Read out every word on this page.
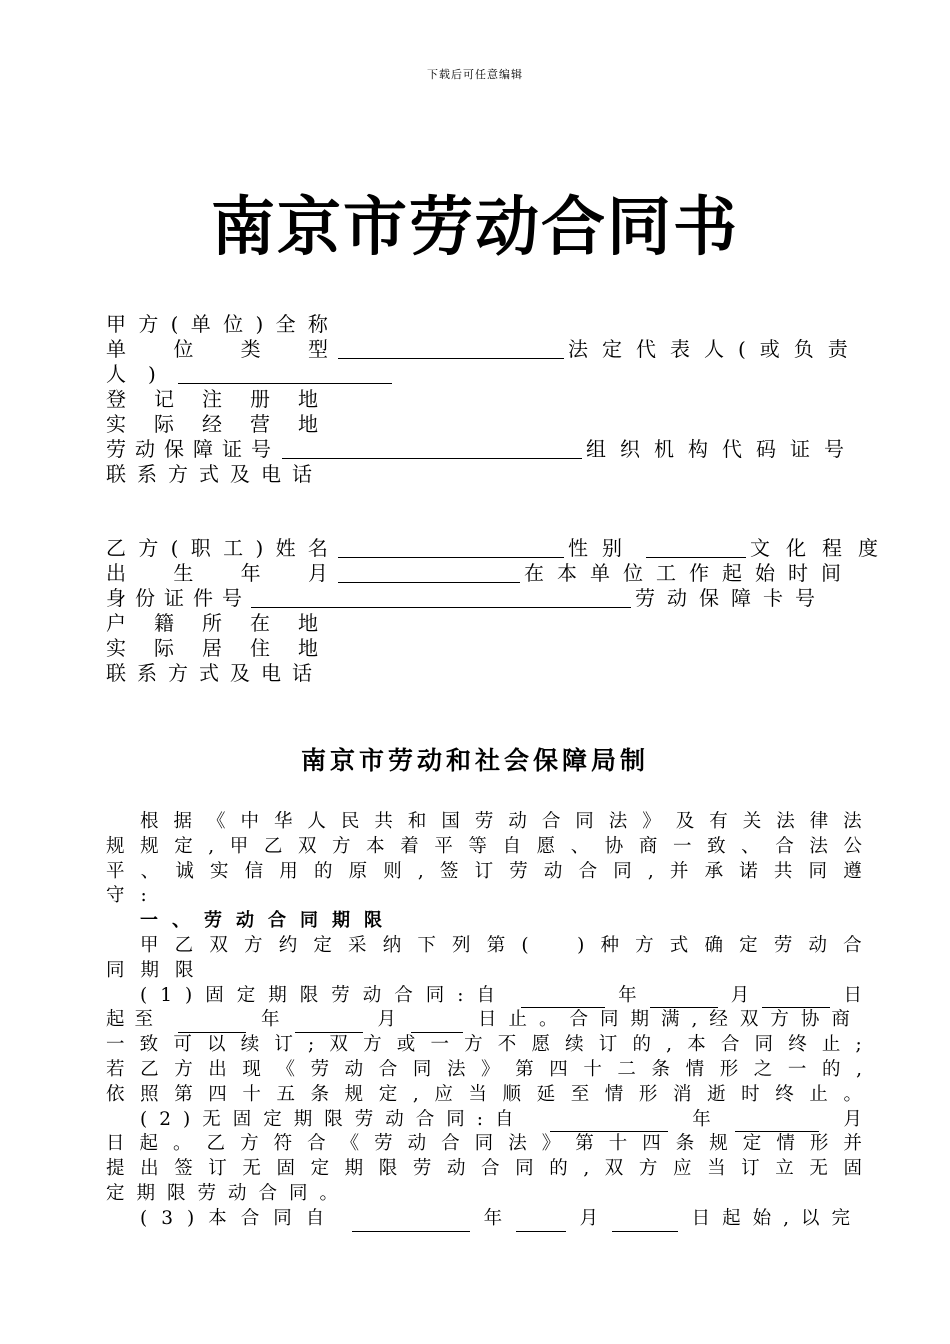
下载后可任意编辑
南京市劳动合同书
甲 方 ( 单 位 ) 全 称
单 位 类 型	法定代表人(或负责
人)
登记注册地
实际经营地
劳动保障证号	组织机构代码证号
联系方式及电话
乙 方 ( 职 工 ) 姓 名	性别	文化程度
出 生 年 月	在本单位工作起始时间
身份证件号	劳动保障卡号
户籍所在地
实际居住地
联系方式及电话
南京市劳动和社会保障局制
根 据 《 中 华 人 民 共 和 国 劳 动 合 同 法 》 及 有 关 法 律 法
规 规 定 , 甲 乙 双 方 本 着 平 等 自 愿 、 协 商 一 致 、 合 法 公
平 、 诚 实 信 用 的 原 则 , 签 订 劳 动 合 同 , 并 承 诺 共 同 遵
守:
一、劳动合同期限
甲 乙 双 方 约 定 采 纳 下 列 第 (	) 种 方 式 确 定 劳 动 合
同期限
(1)固定期限劳动合同:自	年	月	日
起至	年	月	日止。合同期满,经双方协商
一 致 可 以 续 订 ; 双 方 或 一 方 不 愿 续 订 的 , 本 合 同 终 止 ;
若 乙 方 出 现 《 劳 动 合 同 法 》 第 四 十 二 条 情 形 之 一 的 ,
依 照 第 四 十 五 条 规 定 , 应 当 顺 延 至 情 形 消 逝 时 终 止 。
(2)无固定期限劳动合同:自	年	月
日 起 。 乙 方 符 合 《 劳 动 合 同 法 》 第 十 四 条 规 定 情 形 并
提 出 签 订 无 固 定 期 限 劳 动 合 同 的 , 双 方 应 当 订 立 无 固
定期限劳动合同。
(3)本合同自	年	月	日起始,以完
